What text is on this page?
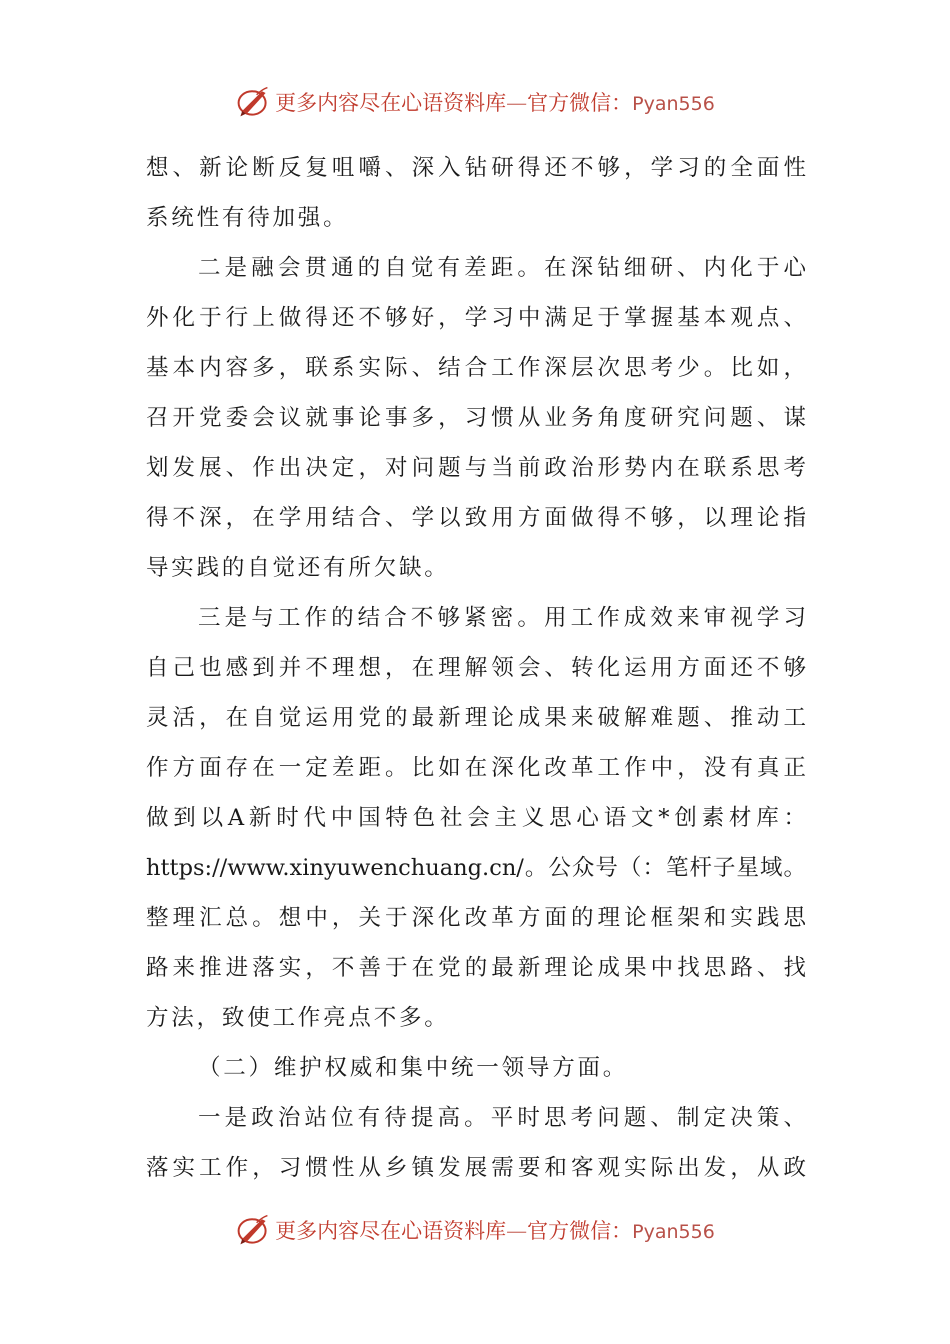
更多内容尽在心语资料库—官方微信：Pyan556
想、新论断反复咀嚼、深入钻研得还不够，学习的全面性
系统性有待加强。
二是融会贯通的自觉有差距。在深钻细研、内化于心
外化于行上做得还不够好，学习中满足于掌握基本观点、
基本内容多，联系实际、结合工作深层次思考少。比如，
召开党委会议就事论事多，习惯从业务角度研究问题、谋
划发展、作出决定，对问题与当前政治形势内在联系思考
得不深，在学用结合、学以致用方面做得不够，以理论指
导实践的自觉还有所欠缺。
三是与工作的结合不够紧密。用工作成效来审视学习
自己也感到并不理想，在理解领会、转化运用方面还不够
灵活，在自觉运用党的最新理论成果来破解难题、推动工
作方面存在一定差距。比如在深化改革工作中，没有真正
做到以A新时代中国特色社会主义思心语文*创素材库：
https://www.xinyuwenchuang.cn/。公众号（：笔杆子星域。
整理汇总。想中，关于深化改革方面的理论框架和实践思
路来推进落实，不善于在党的最新理论成果中找思路、找
方法，致使工作亮点不多。
（二）维护权威和集中统一领导方面。
一是政治站位有待提高。平时思考问题、制定决策、
落实工作，习惯性从乡镇发展需要和客观实际出发，从政
更多内容尽在心语资料库—官方微信：Pyan556
